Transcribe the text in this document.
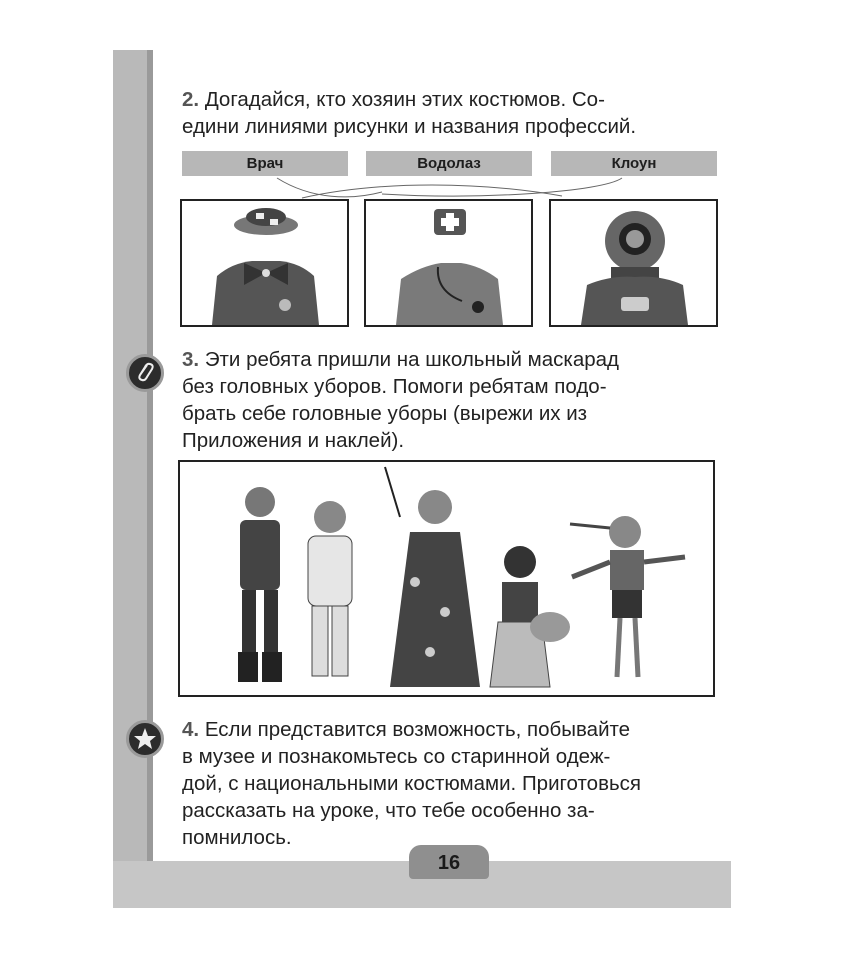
16
2. Догадайся, кто хозяин этих костюмов. Со-
едини линиями рисунки и названия профессий.
Врач	Водолаз	Клоун
3. Эти ребята пришли на школьный маскарад
без головных уборов. Помоги ребятам подо-
брать себе головные уборы (вырежи их из
Приложения и наклей).
4. Если представится возможность, побывайте
в музее и познакомьтесь со старинной одеж-
дой, с национальными костюмами. Приготовься
рассказать на уроке, что тебе особенно за-
помнилось.
